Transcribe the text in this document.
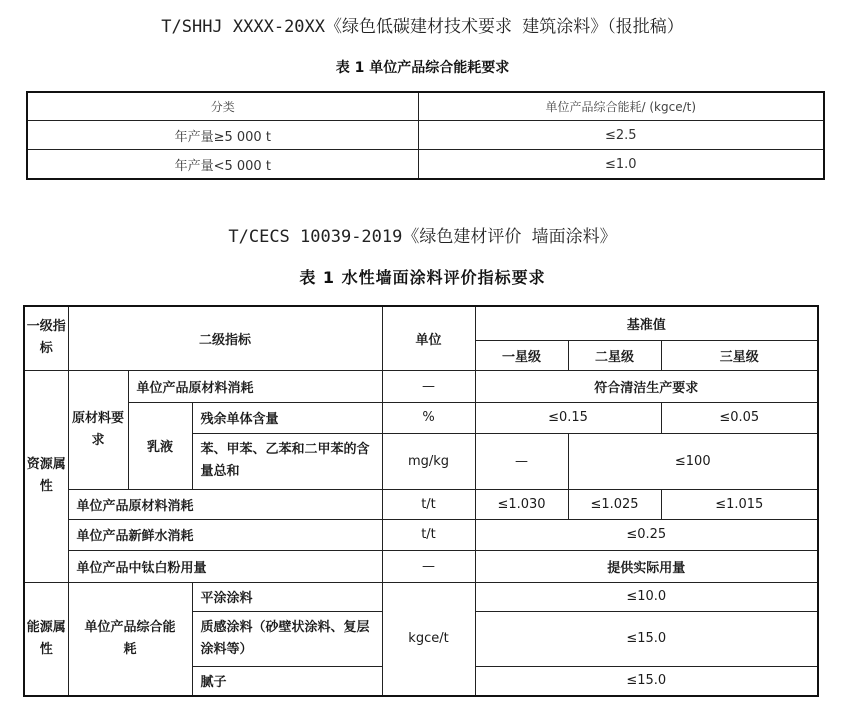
T/SHHJ XXXX-20XX《绿色低碳建材技术要求 建筑涂料》（报批稿）
表 1 单位产品综合能耗要求
分类	单位产品综合能耗/ (kgce/t)
年产量≥5 000 t	≤2.5
年产量<5 000 t	≤1.0
T/CECS 10039-2019《绿色建材评价 墙面涂料》
表 1 水性墙面涂料评价指标要求
一级指标	二级指标			单位	基准值		
					一星级	二星级	三星级
资源属性	原材料要求	单位产品原材料消耗		—	符合清洁生产要求		
		乳液	残余单体含量	%	≤0.15		≤0.05
			苯、甲苯、乙苯和二甲苯的含量总和	mg/kg	—	≤100	
	单位产品原材料消耗			t/t	≤1.030	≤1.025	≤1.015
	单位产品新鲜水消耗			t/t	≤0.25		
	单位产品中钛白粉用量			—	提供实际用量		
能源属性	单位产品综合能耗		平涂涂料	kgce/t	≤10.0		
			质感涂料（砂壁状涂料、复层涂料等）		≤15.0		
			腻子		≤15.0		
